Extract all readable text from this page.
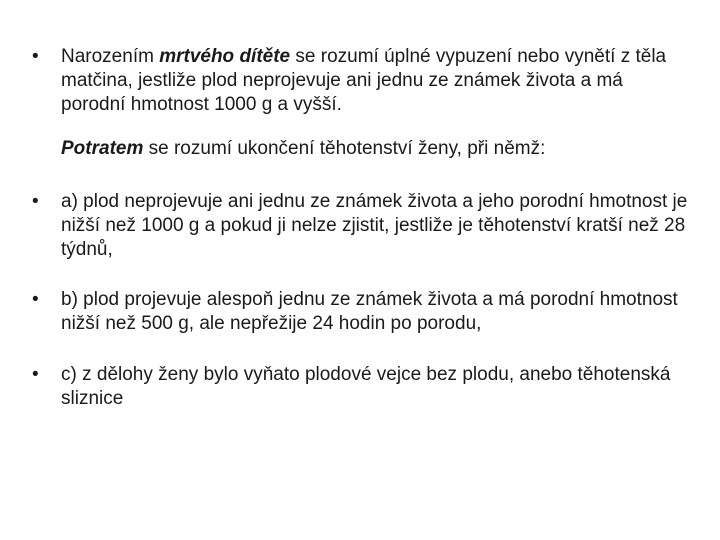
•	Narozením mrtvého dítěte se rozumí úplné vypuzení nebo vynětí z těla matčina, jestliže plod neprojevuje ani jednu ze známek života a má porodní hmotnost 1000 g a vyšší.
Potratem se rozumí ukončení těhotenství ženy, při němž:
•	a) plod neprojevuje ani jednu ze známek života a jeho porodní hmotnost je nižší než 1000 g a pokud ji nelze zjistit, jestliže je těhotenství kratší než 28 týdnů,
•	b) plod projevuje alespoň jednu ze známek života a má porodní hmotnost nižší než 500 g, ale nepřežije 24 hodin po porodu,
•	c) z dělohy ženy bylo vyňato plodové vejce bez plodu, anebo těhotenská sliznice
